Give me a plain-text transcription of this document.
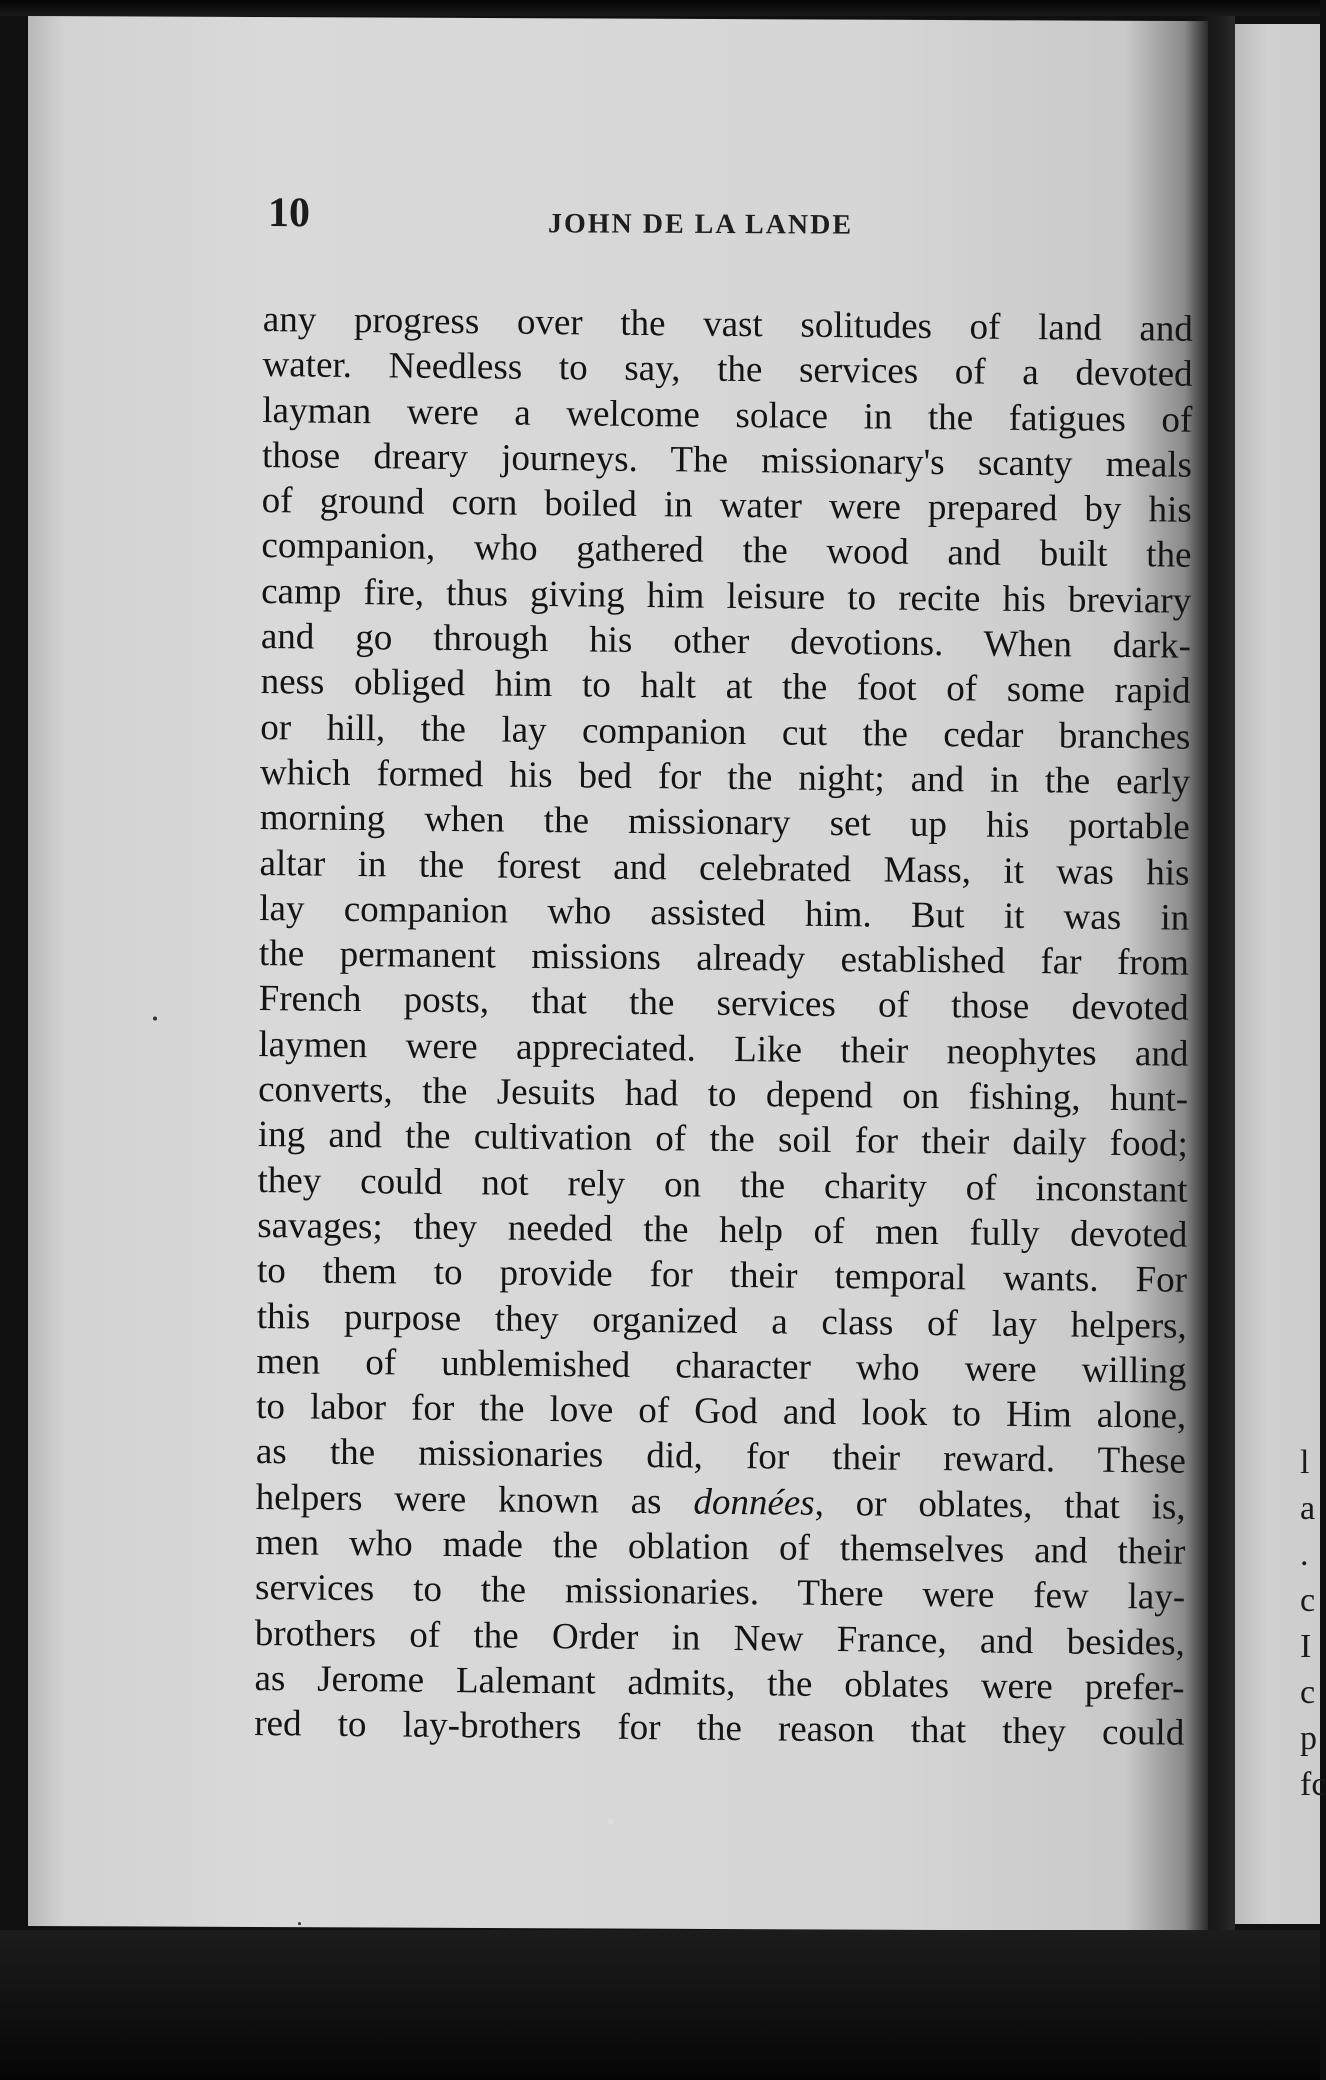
l
a
. c
I
c
p
fc
10	JOHN DE LA LANDE
any progress over the vast solitudes of land and
water. Needless to say, the services of a devoted
layman were a welcome solace in the fatigues of
those dreary journeys. The missionary's scanty meals
of ground corn boiled in water were prepared by his
companion, who gathered the wood and built the
camp fire, thus giving him leisure to recite his breviary
and go through his other devotions. When dark-
ness obliged him to halt at the foot of some rapid
or hill, the lay companion cut the cedar branches
which formed his bed for the night; and in the early
morning when the missionary set up his portable
altar in the forest and celebrated Mass, it was his
lay companion who assisted him. But it was in
the permanent missions already established far from
French posts, that the services of those devoted
laymen were appreciated. Like their neophytes and
converts, the Jesuits had to depend on fishing, hunt-
ing and the cultivation of the soil for their daily food;
they could not rely on the charity of inconstant
savages; they needed the help of men fully devoted
to them to provide for their temporal wants. For
this purpose they organized a class of lay helpers,
men of unblemished character who were willing
to labor for the love of God and look to Him alone,
as the missionaries did, for their reward. These
helpers were known as données, or oblates, that is,
men who made the oblation of themselves and their
services to the missionaries. There were few lay-
brothers of the Order in New France, and besides,
as Jerome Lalemant admits, the oblates were prefer-
red to lay-brothers for the reason that they could
